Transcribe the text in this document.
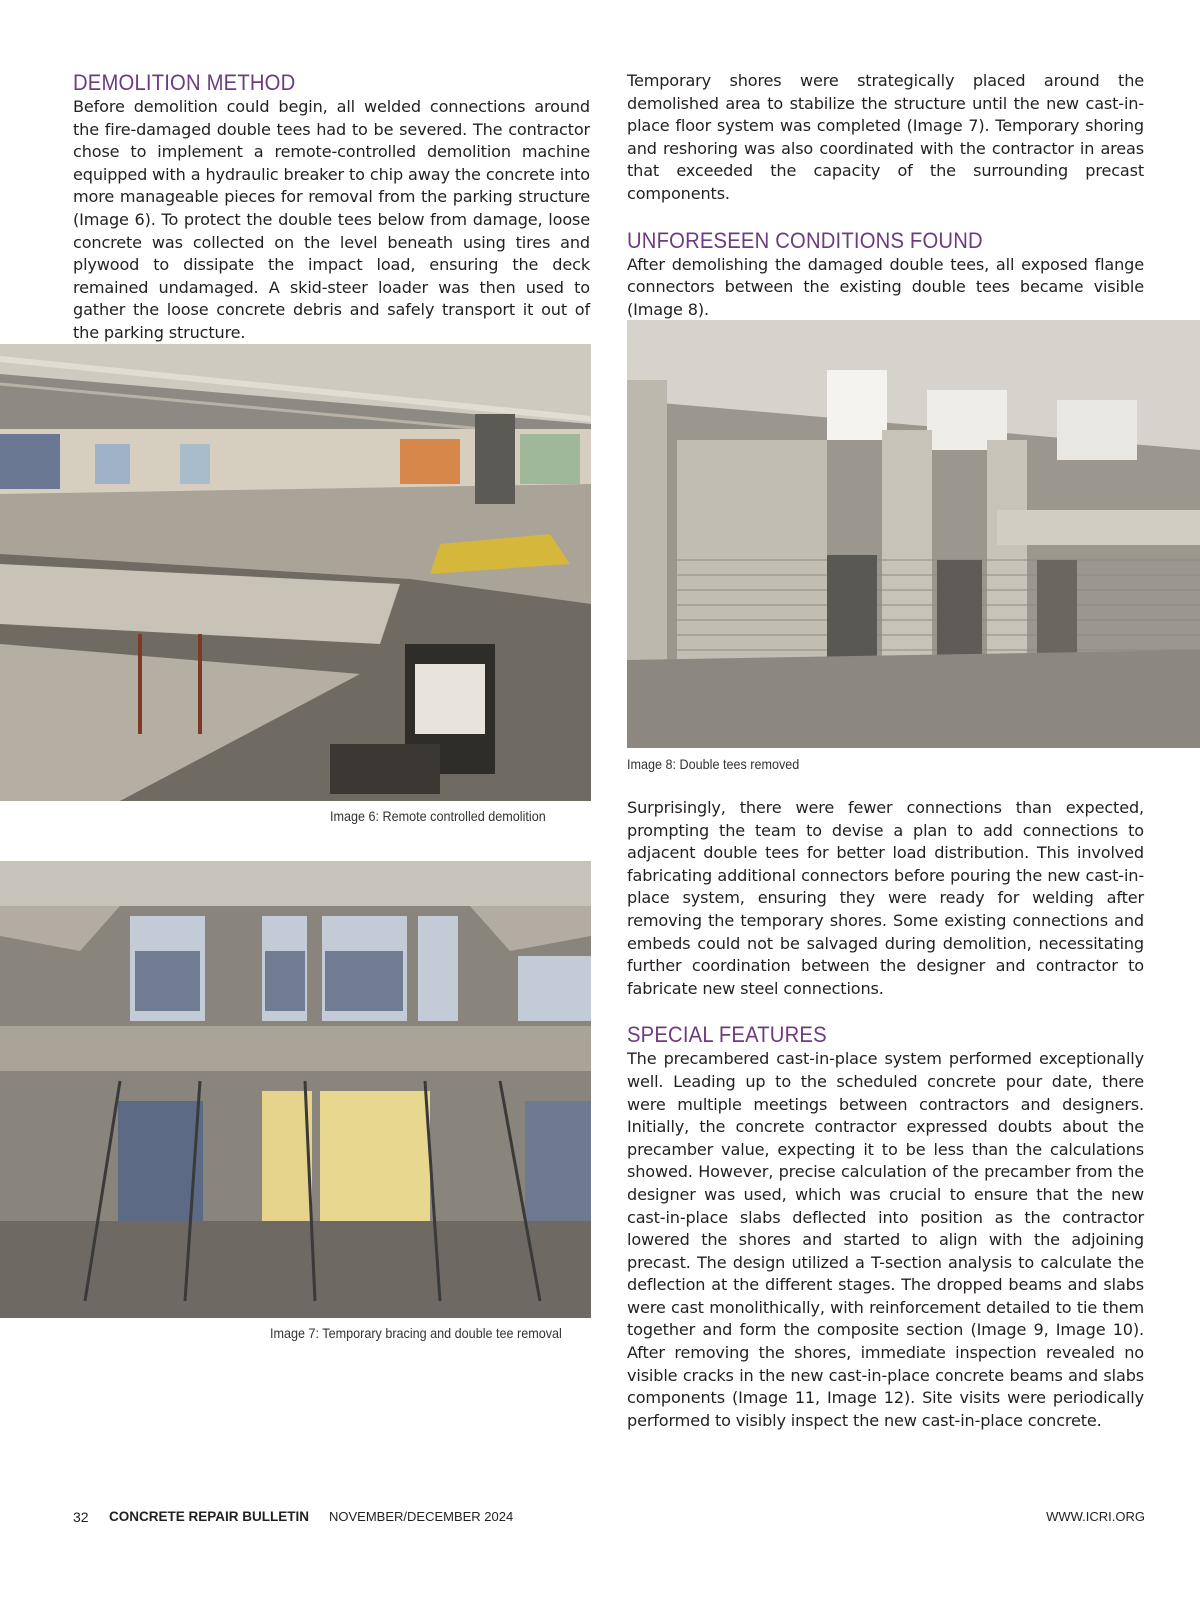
DEMOLITION METHOD

Before demolition could begin, all welded connections around the fire-damaged double tees had to be severed. The contractor chose to implement a remote-controlled demolition machine equipped with a hydraulic breaker to chip away the concrete into more manageable pieces for removal from the parking structure (Image 6). To protect the double tees below from damage, loose concrete was collected on the level beneath using tires and plywood to dissipate the impact load, ensuring the deck remained undamaged. A skid-steer loader was then used to gather the loose concrete debris and safely transport it out of the parking structure.

Temporary shores were strategically placed around the demolished area to stabilize the structure until the new cast-in-place floor system was completed (Image 7). Temporary shoring and reshoring was also coordinated with the contractor in areas that exceeded the capacity of the surrounding precast components.

UNFORESEEN CONDITIONS FOUND

After demolishing the damaged double tees, all exposed flange connectors between the existing double tees became visible (Image 8).

Image 6: Remote controlled demolition
Image 7: Temporary bracing and double tee removal
Image 8: Double tees removed

Surprisingly, there were fewer connections than expected, prompting the team to devise a plan to add connections to adjacent double tees for better load distribution. This involved fabricating additional connectors before pouring the new cast-in-place system, ensuring they were ready for welding after removing the temporary shores. Some existing connections and embeds could not be salvaged during demolition, necessitating further coordination between the designer and contractor to fabricate new steel connections.

SPECIAL FEATURES

The precambered cast-in-place system performed exceptionally well. Leading up to the scheduled concrete pour date, there were multiple meetings between contractors and designers. Initially, the concrete contractor expressed doubts about the precamber value, expecting it to be less than the calculations showed. However, precise calculation of the precamber from the designer was used, which was crucial to ensure that the new cast-in-place slabs deflected into position as the contractor lowered the shores and started to align with the adjoining precast. The design utilized a T-section analysis to calculate the deflection at the different stages. The dropped beams and slabs were cast monolithically, with reinforcement detailed to tie them together and form the composite section (Image 9, Image 10). After removing the shores, immediate inspection revealed no visible cracks in the new cast-in-place concrete beams and slabs components (Image 11, Image 12). Site visits were periodically performed to visibly inspect the new cast-in-place concrete.

32 CONCRETE REPAIR BULLETIN NOVEMBER/DECEMBER 2024	WWW.ICRI.ORG
